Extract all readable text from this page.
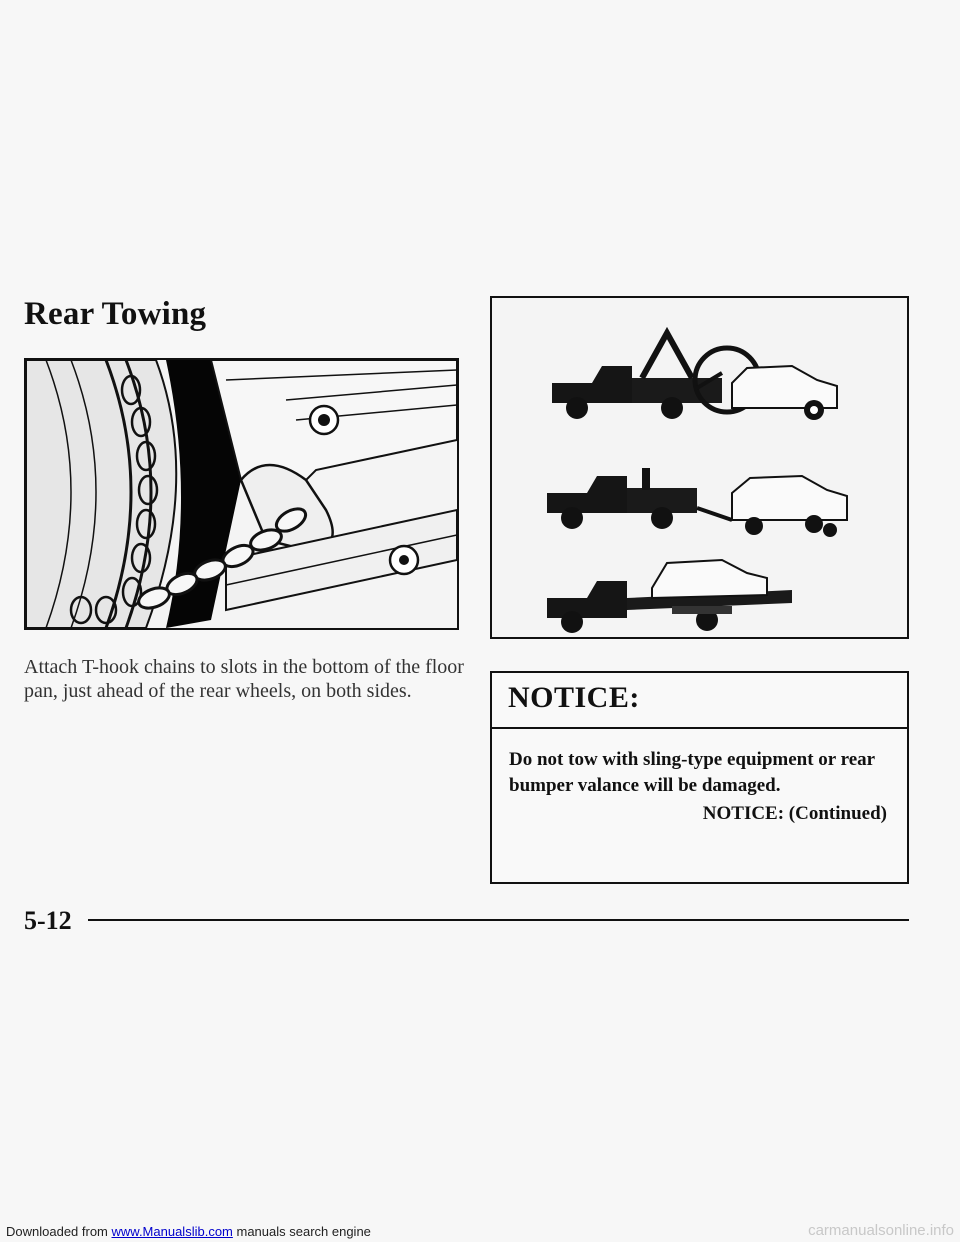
Rear Towing
Attach T-hook chains to slots in the bottom of the floor pan, just ahead of the rear wheels, on both sides.	NOTICE:
Do not tow with sling-type equipment or rear bumper valance will be damaged.
NOTICE: (Continued)
5-12
Downloaded from www.Manualslib.com manuals search engine	carmanualsonline.info
